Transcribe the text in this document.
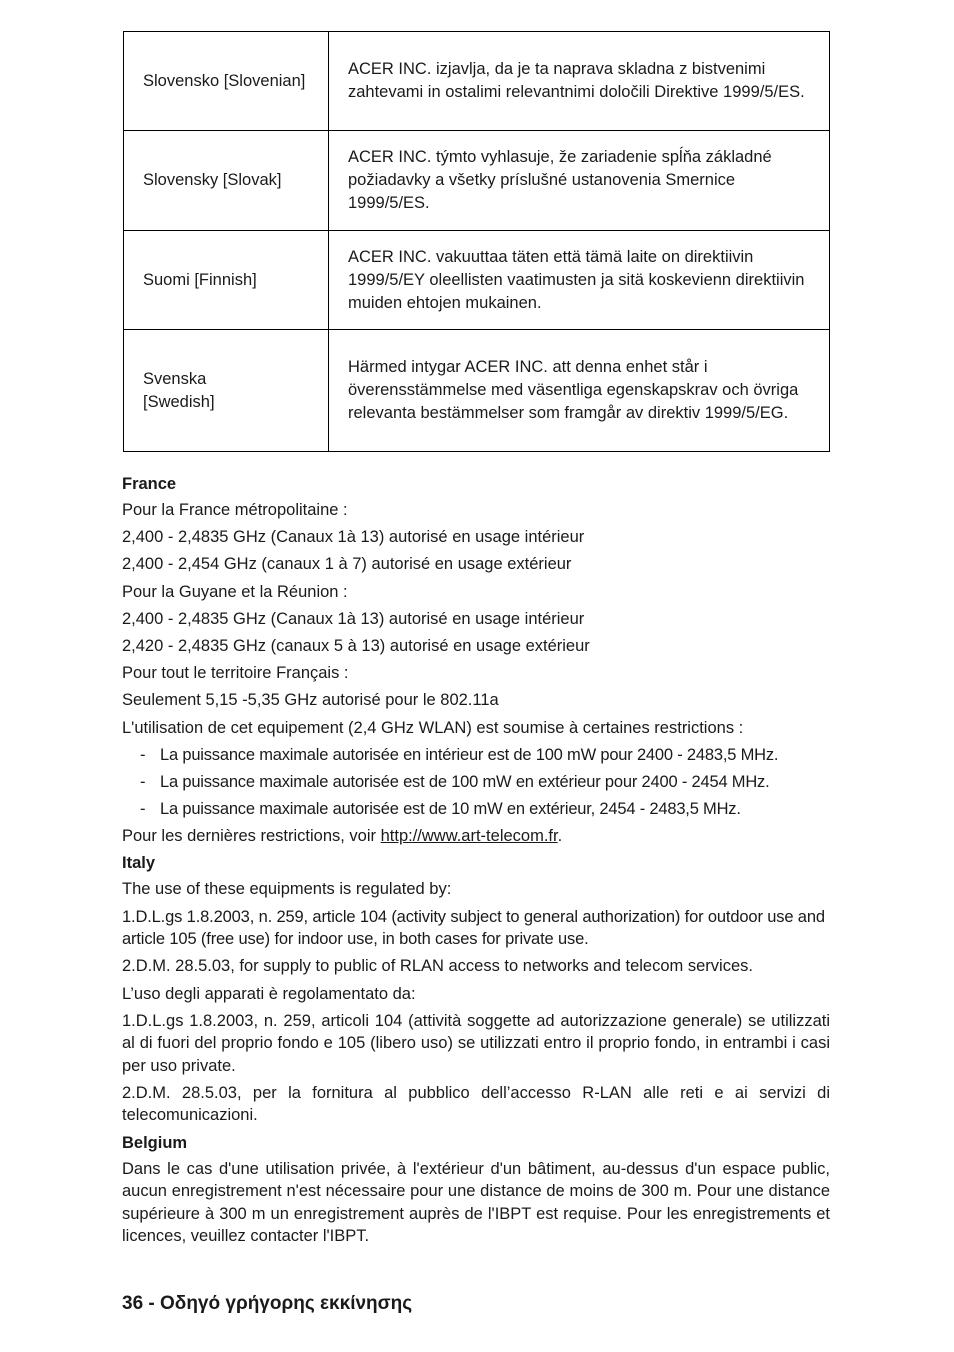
Slovensko [Slovenian]	ACER INC. izjavlja, da je ta naprava skladna z bistvenimi zahtevami in ostalimi relevantnimi določili Direktive 1999/5/ES.
Slovensky [Slovak]	ACER INC. týmto vyhlasuje, že zariadenie spĺňa základné požiadavky a všetky príslušné ustanovenia Smernice 1999/5/ES.
Suomi [Finnish]	ACER INC. vakuuttaa täten että tämä laite on direktiivin 1999/5/EY oleellisten vaatimusten ja sitä koskevienn direktiivin muiden ehtojen mukainen.
Svenska [Swedish]	Härmed intygar ACER INC. att denna enhet står i överensstämmelse med väsentliga egenskapskrav och övriga relevanta bestämmelser som framgår av direktiv 1999/5/EG.

France

Pour la France métropolitaine :

2,400 - 2,4835 GHz (Canaux 1à 13) autorisé en usage intérieur

2,400 - 2,454 GHz (canaux 1 à 7) autorisé en usage extérieur

Pour la Guyane et la Réunion :

2,400 - 2,4835 GHz (Canaux 1à 13) autorisé en usage intérieur

2,420 - 2,4835 GHz (canaux 5 à 13) autorisé en usage extérieur

Pour tout le territoire Français :

Seulement 5,15 -5,35 GHz autorisé pour le 802.11a

L'utilisation de cet equipement (2,4 GHz WLAN) est soumise à certaines restrictions :

- La puissance maximale autorisée en intérieur est de 100 mW pour 2400 - 2483,5 MHz.
- La puissance maximale autorisée est de 100 mW en extérieur pour 2400 - 2454 MHz.
- La puissance maximale autorisée est de 10 mW en extérieur, 2454 - 2483,5 MHz.

Pour les dernières restrictions, voir http://www.art-telecom.fr.

Italy

The use of these equipments is regulated by:

1.D.L.gs 1.8.2003, n. 259, article 104 (activity subject to general authorization) for outdoor use and article 105 (free use) for indoor use, in both cases for private use.

2.D.M. 28.5.03, for supply to public of RLAN access to networks and telecom services.

L’uso degli apparati è regolamentato da:

1.D.L.gs 1.8.2003, n. 259, articoli 104 (attività soggette ad autorizzazione generale) se utilizzati al di fuori del proprio fondo e 105 (libero uso) se utilizzati entro il proprio fondo, in entrambi i casi per uso private.

2.D.M. 28.5.03, per la fornitura al pubblico dell’accesso R-LAN alle reti e ai servizi di telecomunicazioni.

Belgium

Dans le cas d'une utilisation privée, à l'extérieur d'un bâtiment, au-dessus d'un espace public, aucun enregistrement n'est nécessaire pour une distance de moins de 300 m. Pour une distance supérieure à 300 m un enregistrement auprès de l'IBPT est requise. Pour les enregistrements et licences, veuillez contacter l'IBPT.

36 - Οδηγό γρήγορης εκκίνησης
